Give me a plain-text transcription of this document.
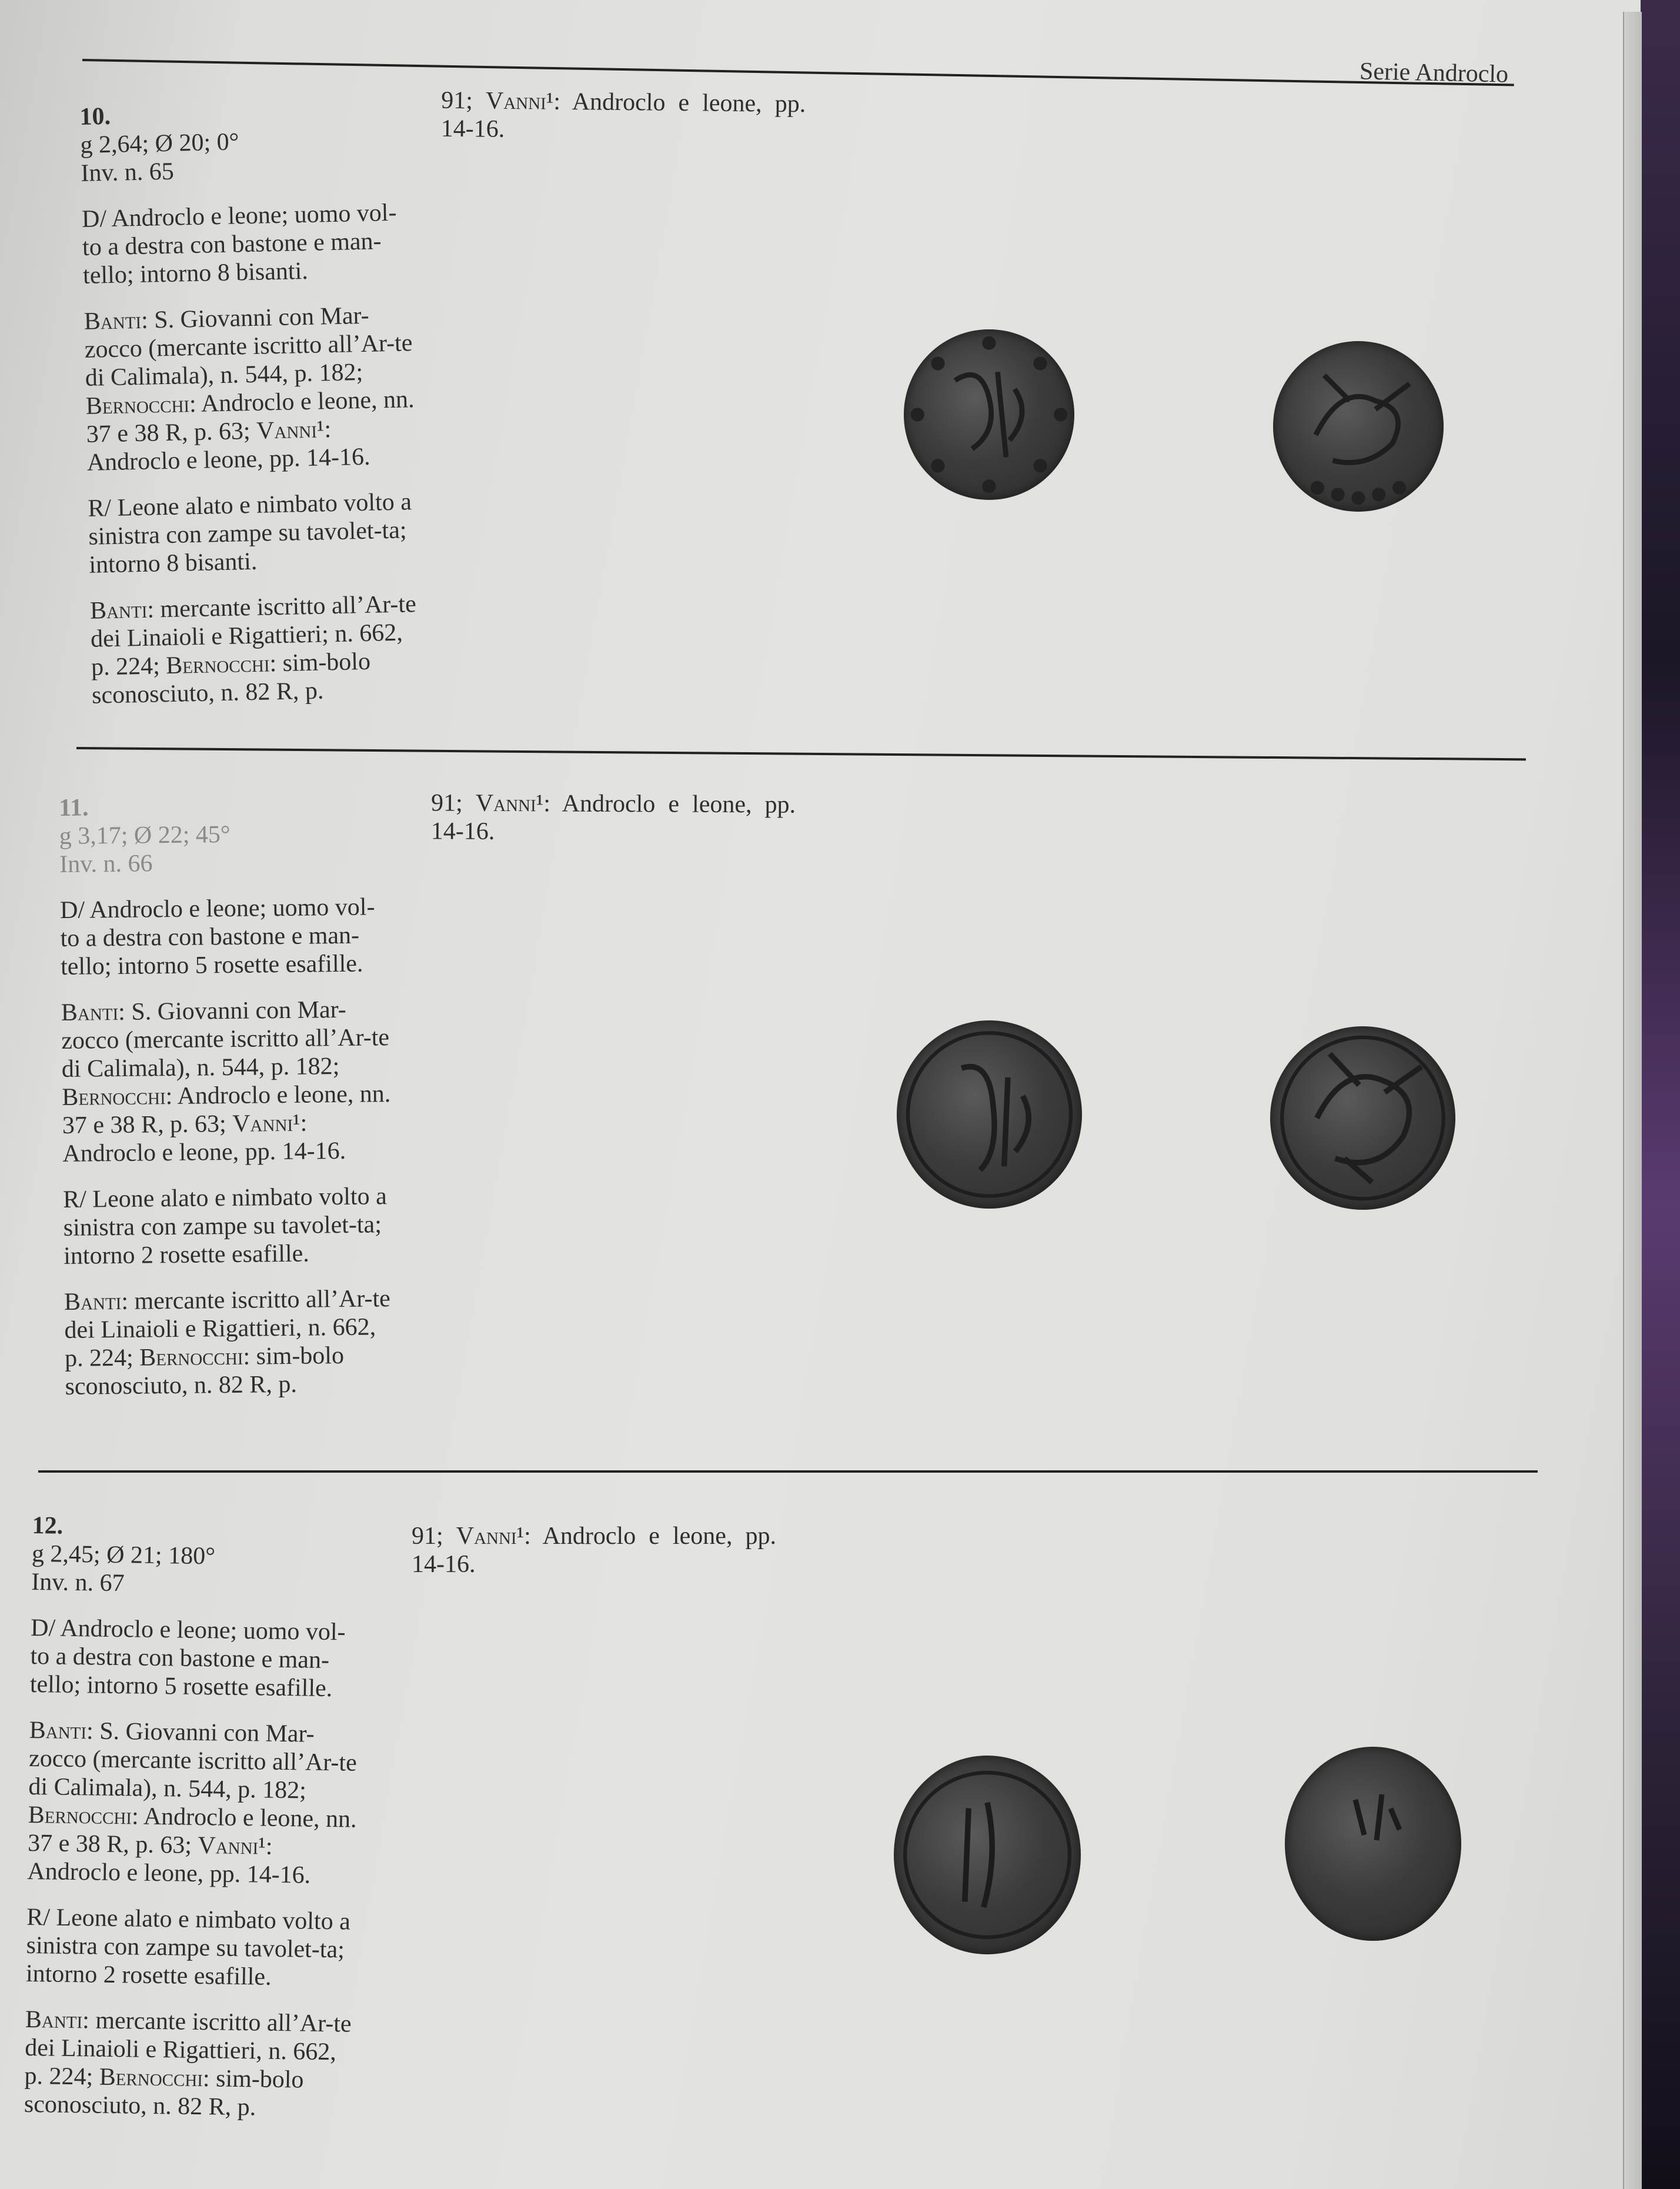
Serie Androclo
10.
g 2,64; Ø 20; 0°

Inv. n. 65

D/ Androclo e leone; uomo vol-to a destra con bastone e man-tello; intorno 8 bisanti.

Banti: S. Giovanni con Mar-zocco (mercante iscritto all’Ar-te di Calimala), n. 544, p. 182; Bernocchi: Androclo e leone, nn. 37 e 38 R, p. 63; Vanni¹: Androclo e leone, pp. 14-16.

R/ Leone alato e nimbato volto a sinistra con zampe su tavolet-ta; intorno 8 bisanti.

Banti: mercante iscritto all’Ar-te dei Linaioli e Rigattieri; n. 662, p. 224; Bernocchi: sim-bolo sconosciuto, n. 82 R, p.

91; Vanni¹: Androclo e leone, pp. 14-16.
11.
g 3,17; Ø 22; 45°

Inv. n. 66

D/ Androclo e leone; uomo vol-to a destra con bastone e man-tello; intorno 5 rosette esafille.

Banti: S. Giovanni con Mar-zocco (mercante iscritto all’Ar-te di Calimala), n. 544, p. 182; Bernocchi: Androclo e leone, nn. 37 e 38 R, p. 63; Vanni¹: Androclo e leone, pp. 14-16.

R/ Leone alato e nimbato volto a sinistra con zampe su tavolet-ta; intorno 2 rosette esafille.

Banti: mercante iscritto all’Ar-te dei Linaioli e Rigattieri, n. 662, p. 224; Bernocchi: sim-bolo sconosciuto, n. 82 R, p.

91; Vanni¹: Androclo e leone, pp. 14-16.
12.
g 2,45; Ø 21; 180°

Inv. n. 67

D/ Androclo e leone; uomo vol-to a destra con bastone e man-tello; intorno 5 rosette esafille.

Banti: S. Giovanni con Mar-zocco (mercante iscritto all’Ar-te di Calimala), n. 544, p. 182; Bernocchi: Androclo e leone, nn. 37 e 38 R, p. 63; Vanni¹: Androclo e leone, pp. 14-16.

R/ Leone alato e nimbato volto a sinistra con zampe su tavolet-ta; intorno 2 rosette esafille.

Banti: mercante iscritto all’Ar-te dei Linaioli e Rigattieri, n. 662, p. 224; Bernocchi: sim-bolo sconosciuto, n. 82 R, p.

91; Vanni¹: Androclo e leone, pp. 14-16.
